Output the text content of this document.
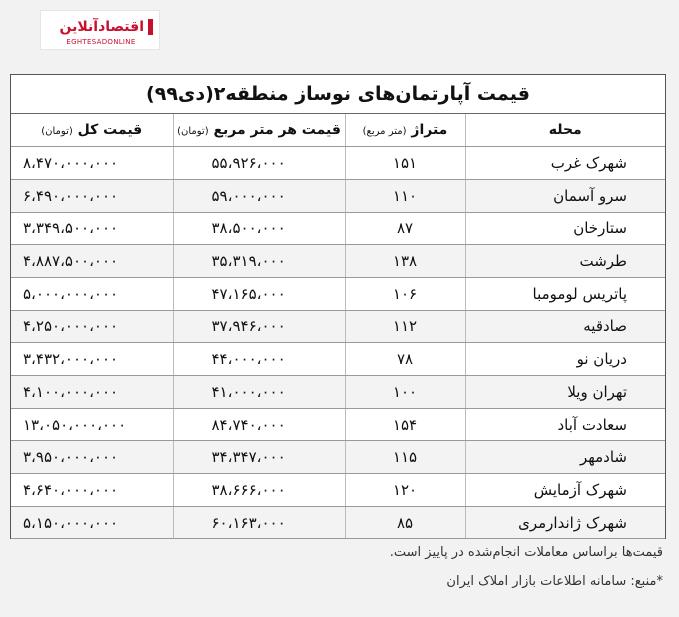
اقتصادآنلاین
EGHTESADONLINE
قیمت آپارتمان‌های نوساز منطقه۲(دی۹۹)
محله	متراژ (متر مربع)	قیمت هر متر مربع (تومان)	قیمت کل (تومان)
شهرک غرب	۱۵۱	۵۵،۹۲۶،۰۰۰	۸،۴۷۰،۰۰۰،۰۰۰
سرو آسمان	۱۱۰	۵۹،۰۰۰،۰۰۰	۶،۴۹۰،۰۰۰،۰۰۰
ستارخان	۸۷	۳۸،۵۰۰،۰۰۰	۳،۳۴۹،۵۰۰،۰۰۰
طرشت	۱۳۸	۳۵،۳۱۹،۰۰۰	۴،۸۸۷،۵۰۰،۰۰۰
پاتریس لومومبا	۱۰۶	۴۷،۱۶۵،۰۰۰	۵،۰۰۰،۰۰۰،۰۰۰
صادقیه	۱۱۲	۳۷،۹۴۶،۰۰۰	۴،۲۵۰،۰۰۰،۰۰۰
دریان نو	۷۸	۴۴،۰۰۰،۰۰۰	۳،۴۳۲،۰۰۰،۰۰۰
تهران ویلا	۱۰۰	۴۱،۰۰۰،۰۰۰	۴،۱۰۰،۰۰۰،۰۰۰
سعادت آباد	۱۵۴	۸۴،۷۴۰،۰۰۰	۱۳،۰۵۰،۰۰۰،۰۰۰
شادمهر	۱۱۵	۳۴،۳۴۷،۰۰۰	۳،۹۵۰،۰۰۰،۰۰۰
شهرک آزمایش	۱۲۰	۳۸،۶۶۶،۰۰۰	۴،۶۴۰،۰۰۰،۰۰۰
شهرک ژاندارمری	۸۵	۶۰،۱۶۳،۰۰۰	۵،۱۵۰،۰۰۰،۰۰۰
قیمت‌ها براساس معاملات انجام‌شده در پاییز است.
*منبع: سامانه اطلاعات بازار املاک ایران
